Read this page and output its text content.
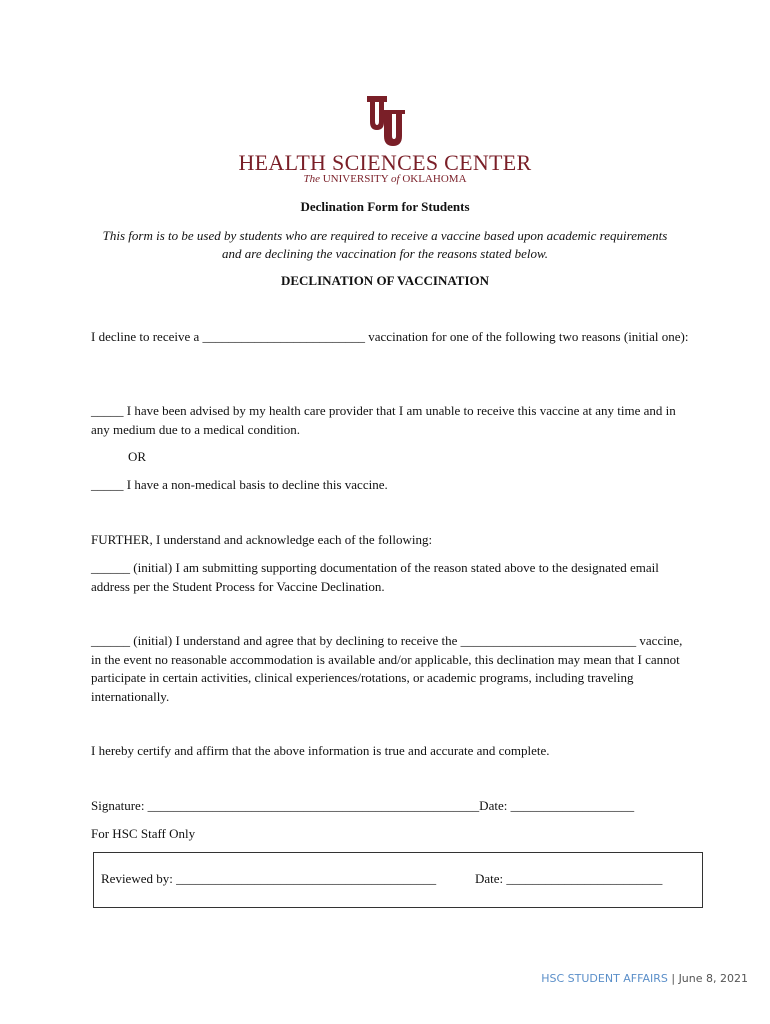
HEALTH SCIENCES CENTER
The UNIVERSITY of OKLAHOMA
Declination Form for Students
This form is to be used by students who are required to receive a vaccine based upon academic requirements and are declining the vaccination for the reasons stated below.
DECLINATION OF VACCINATION
I decline to receive a _________________________ vaccination for one of the following two reasons (initial one):
_____ I have been advised by my health care provider that I am unable to receive this vaccine at any time and in any medium due to a medical condition.
OR
_____ I have a non-medical basis to decline this vaccine.
FURTHER, I understand and acknowledge each of the following:
______ (initial) I am submitting supporting documentation of the reason stated above to the designated email address per the Student Process for Vaccine Declination.
______ (initial) I understand and agree that by declining to receive the ___________________________ vaccine, in the event no reasonable accommodation is available and/or applicable, this declination may mean that I cannot participate in certain activities, clinical experiences/rotations, or academic programs, including traveling internationally.
I hereby certify and affirm that the above information is true and accurate and complete.
Signature: ___________________________________________________Date: ___________________
For HSC Staff Only
Reviewed by: ________________________________________	Date: ________________________
HSC STUDENT AFFAIRS | June 8, 2021
